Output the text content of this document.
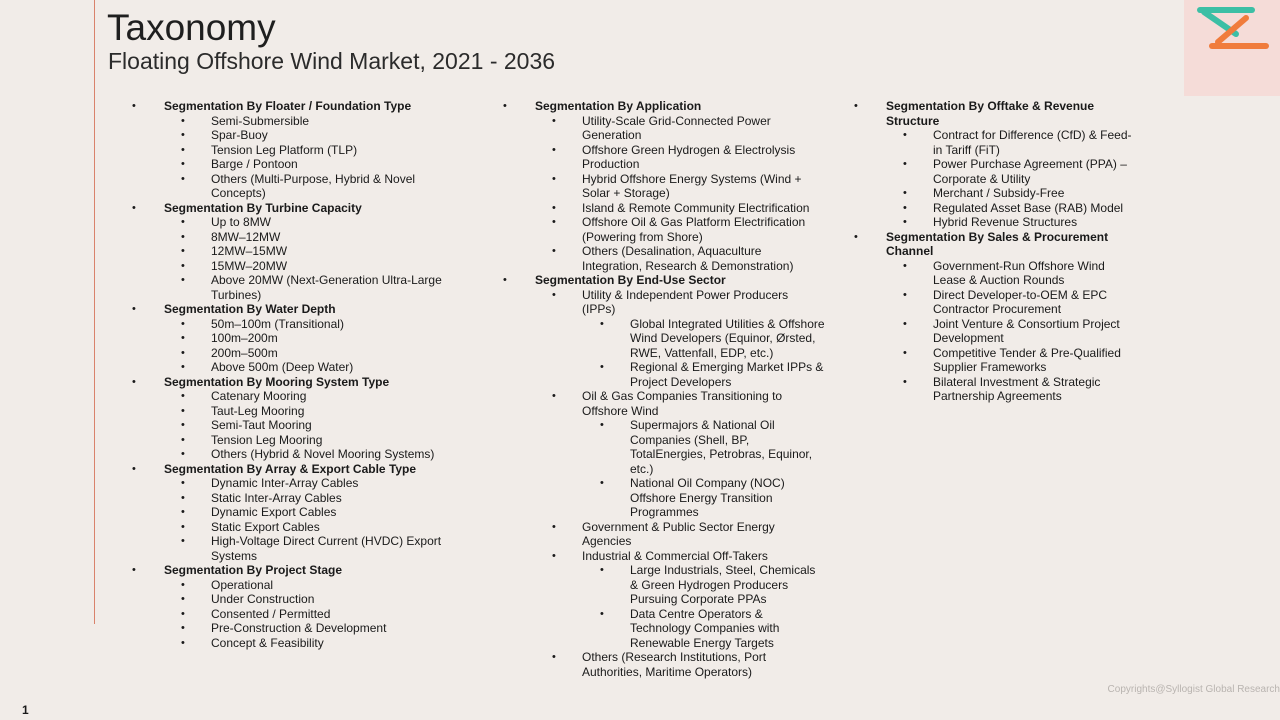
Taxonomy
Floating Offshore Wind Market, 2021 - 2036
• Segmentation By Floater / Foundation Type
• Semi-Submersible
• Spar-Buoy
• Tension Leg Platform (TLP)
• Barge / Pontoon
• Others (Multi-Purpose, Hybrid & Novel Concepts)
• Segmentation By Turbine Capacity
• Up to 8MW
• 8MW–12MW
• 12MW–15MW
• 15MW–20MW
• Above 20MW (Next-Generation Ultra-Large Turbines)
• Segmentation By Water Depth
• 50m–100m (Transitional)
• 100m–200m
• 200m–500m
• Above 500m (Deep Water)
• Segmentation By Mooring System Type
• Catenary Mooring
• Taut-Leg Mooring
• Semi-Taut Mooring
• Tension Leg Mooring
• Others (Hybrid & Novel Mooring Systems)
• Segmentation By Array & Export Cable Type
• Dynamic Inter-Array Cables
• Static Inter-Array Cables
• Dynamic Export Cables
• Static Export Cables
• High-Voltage Direct Current (HVDC) Export Systems
• Segmentation By Project Stage
• Operational
• Under Construction
• Consented / Permitted
• Pre-Construction & Development
• Concept & Feasibility
• Segmentation By Application
• Utility-Scale Grid-Connected Power Generation
• Offshore Green Hydrogen & Electrolysis Production
• Hybrid Offshore Energy Systems (Wind + Solar + Storage)
• Island & Remote Community Electrification
• Offshore Oil & Gas Platform Electrification (Powering from Shore)
• Others (Desalination, Aquaculture Integration, Research & Demonstration)
• Segmentation By End-Use Sector
• Utility & Independent Power Producers (IPPs)
• Global Integrated Utilities & Offshore Wind Developers (Equinor, Ørsted, RWE, Vattenfall, EDP, etc.)
• Regional & Emerging Market IPPs & Project Developers
• Oil & Gas Companies Transitioning to Offshore Wind
• Supermajors & National Oil Companies (Shell, BP, TotalEnergies, Petrobras, Equinor, etc.)
• National Oil Company (NOC) Offshore Energy Transition Programmes
• Government & Public Sector Energy Agencies
• Industrial & Commercial Off-Takers
• Large Industrials, Steel, Chemicals & Green Hydrogen Producers Pursuing Corporate PPAs
• Data Centre Operators & Technology Companies with Renewable Energy Targets
• Others (Research Institutions, Port Authorities, Maritime Operators)
• Segmentation By Offtake & Revenue Structure
• Contract for Difference (CfD) & Feed-in Tariff (FiT)
• Power Purchase Agreement (PPA) – Corporate & Utility
• Merchant / Subsidy-Free
• Regulated Asset Base (RAB) Model
• Hybrid Revenue Structures
• Segmentation By Sales & Procurement Channel
• Government-Run Offshore Wind Lease & Auction Rounds
• Direct Developer-to-OEM & EPC Contractor Procurement
• Joint Venture & Consortium Project Development
• Competitive Tender & Pre-Qualified Supplier Frameworks
• Bilateral Investment & Strategic Partnership Agreements
1
Copyrights@Syllogist Global Research
